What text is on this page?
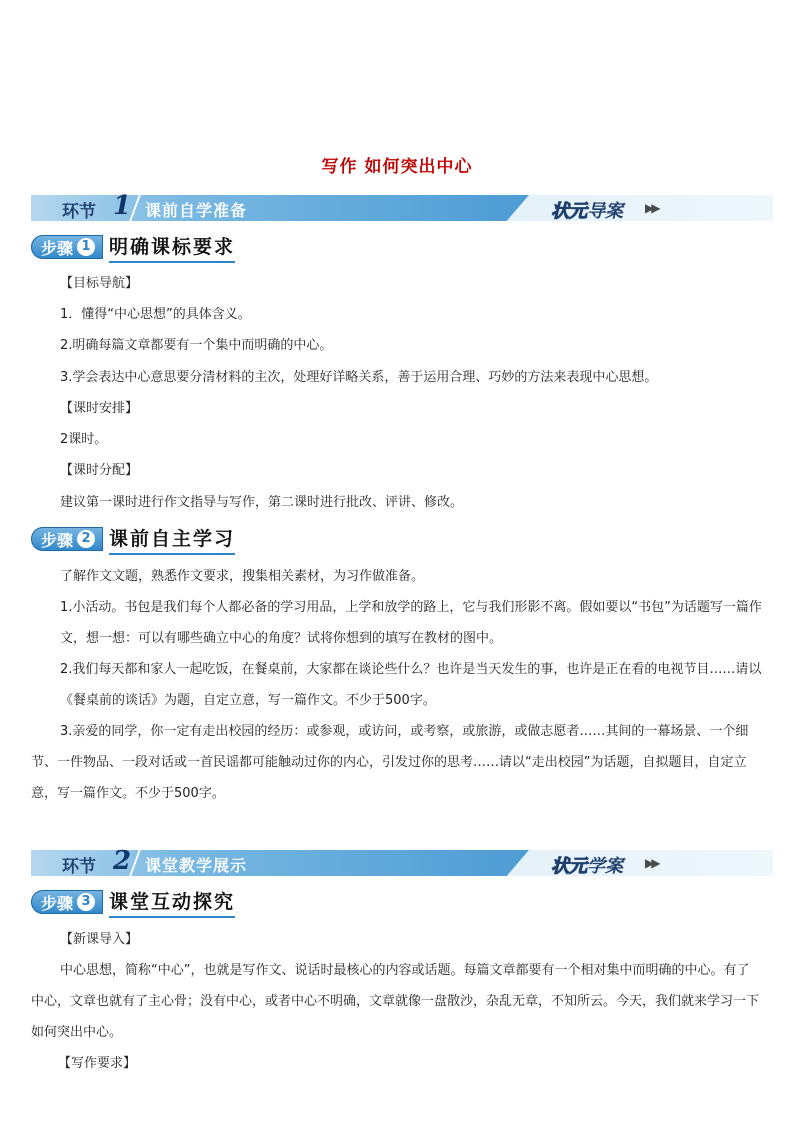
写作 如何突出中心
环节 1 课前自学准备	状元导案 ▶▶
步骤 1 明确课标要求
【目标导航】
1．懂得“中心思想”的具体含义。
2.明确每篇文章都要有一个集中而明确的中心。
3.学会表达中心意思要分清材料的主次，处理好详略关系，善于运用合理、巧妙的方法来表现中心思想。
【课时安排】
2课时。
【课时分配】
建议第一课时进行作文指导与写作，第二课时进行批改、评讲、修改。
步骤 2 课前自主学习
了解作文文题，熟悉作文要求，搜集相关素材，为习作做准备。
1.小活动。书包是我们每个人都必备的学习用品，上学和放学的路上，它与我们形影不离。假如要以“书包”为话题写一篇作文，想一想：可以有哪些确立中心的角度？试将你想到的填写在教材的图中。
2.我们每天都和家人一起吃饭，在餐桌前，大家都在谈论些什么？也许是当天发生的事，也许是正在看的电视节目……请以《餐桌前的谈话》为题，自定立意，写一篇作文。不少于500字。
3.亲爱的同学，你一定有走出校园的经历：或参观，或访问，或考察，或旅游，或做志愿者……其间的一幕场景、一个细节、一件物品、一段对话或一首民谣都可能触动过你的内心，引发过你的思考……请以“走出校园”为话题，自拟题目，自定立意，写一篇作文。不少于500字。
环节 2 课堂教学展示	状元学案 ▶▶
步骤 3 课堂互动探究
【新课导入】
中心思想，简称“中心”，也就是写作文、说话时最核心的内容或话题。每篇文章都要有一个相对集中而明确的中心。有了中心，文章也就有了主心骨；没有中心，或者中心不明确，文章就像一盘散沙，杂乱无章，不知所云。今天，我们就来学习一下如何突出中心。
【写作要求】
